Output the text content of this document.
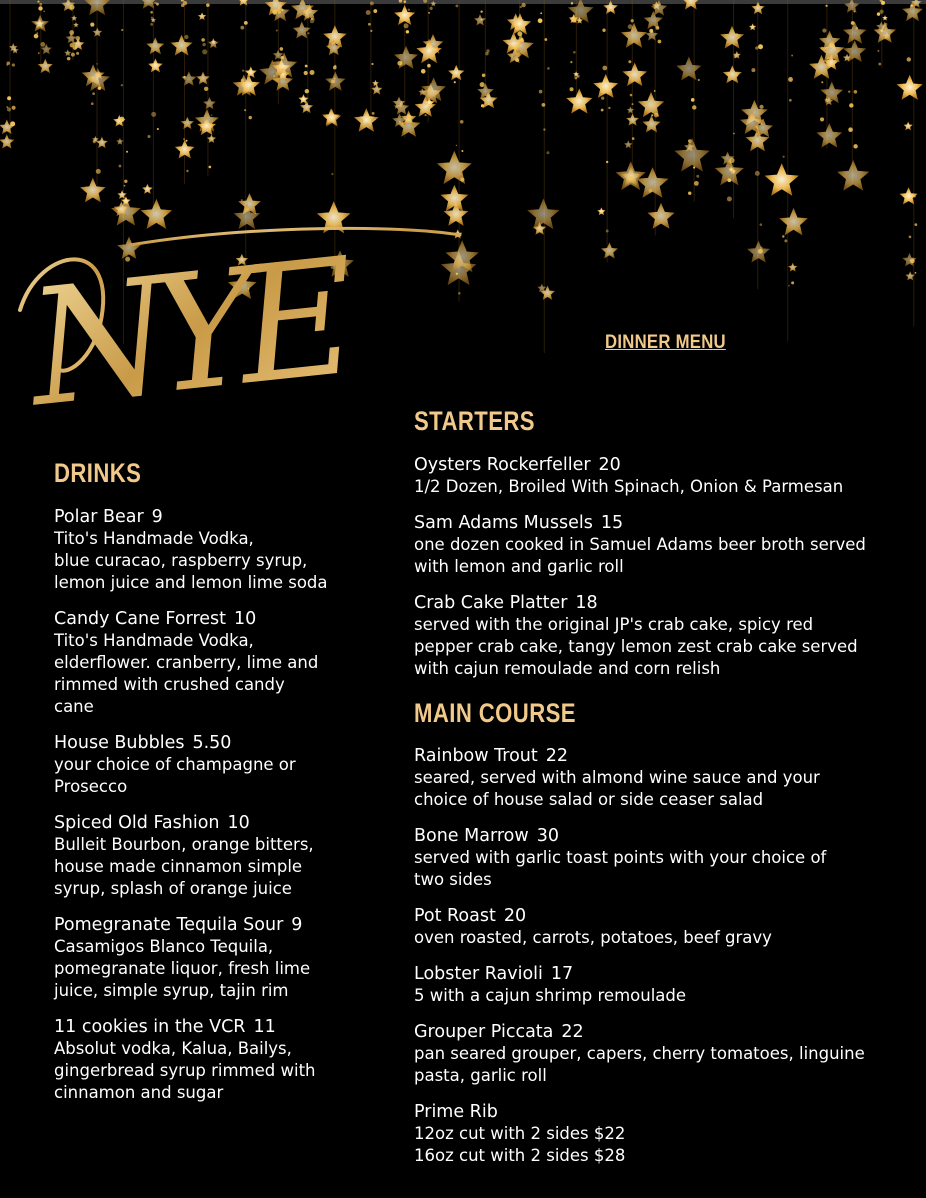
NYE	DINNER MENU
DRINKS
Polar Bear 9
Tito's Handmade Vodka,
blue curacao, raspberry syrup,
lemon juice and lemon lime soda
Candy Cane Forrest 10
Tito's Handmade Vodka,
elderflower. cranberry, lime and
rimmed with crushed candy
cane
House Bubbles 5.50
your choice of champagne or
Prosecco
Spiced Old Fashion 10
Bulleit Bourbon, orange bitters,
house made cinnamon simple
syrup, splash of orange juice
Pomegranate Tequila Sour 9
Casamigos Blanco Tequila,
pomegranate liquor, fresh lime
juice, simple syrup, tajin rim
11 cookies in the VCR 11
Absolut vodka, Kalua, Bailys,
gingerbread syrup rimmed with
cinnamon and sugar
STARTERS
Oysters Rockerfeller 20
1/2 Dozen, Broiled With Spinach, Onion & Parmesan
Sam Adams Mussels 15
one dozen cooked in Samuel Adams beer broth served
with lemon and garlic roll
Crab Cake Platter 18
served with the original JP's crab cake, spicy red
pepper crab cake, tangy lemon zest crab cake served
with cajun remoulade and corn relish
MAIN COURSE
Rainbow Trout 22
seared, served with almond wine sauce and your
choice of house salad or side ceaser salad
Bone Marrow 30
served with garlic toast points with your choice of
two sides
Pot Roast 20
oven roasted, carrots, potatoes, beef gravy
Lobster Ravioli 17
5 with a cajun shrimp remoulade
Grouper Piccata 22
pan seared grouper, capers, cherry tomatoes, linguine
pasta, garlic roll
Prime Rib
12oz cut with 2 sides $22
16oz cut with 2 sides $28
